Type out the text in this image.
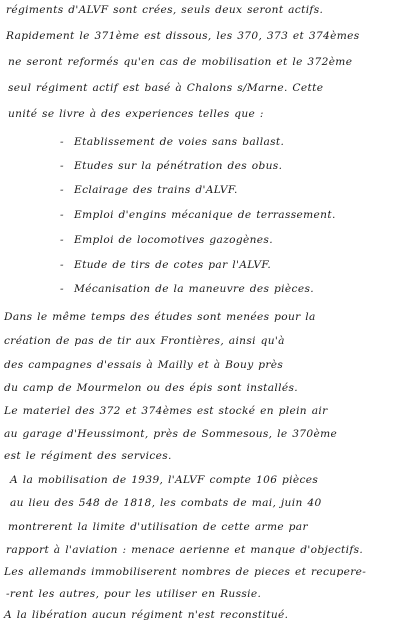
régiments d'ALVF sont crées, seuls deux seront actifs.
Rapidement le 371ème est dissous, les 370, 373 et 374èmes
ne seront reformés qu'en cas de mobilisation et le 372ème
seul régiment actif est basé à Chalons s/Marne. Cette
unité se livre à des experiences telles que :
- Etablissement de voies sans ballast.
- Etudes sur la pénétration des obus.
- Eclairage des trains d'ALVF.
- Emploi d'engins mécanique de terrassement.
- Emploi de locomotives gazogènes.
- Etude de tirs de cotes par l'ALVF.
- Mécanisation de la maneuvre des pièces.
Dans le même temps des études sont menées pour la
création de pas de tir aux Frontières, ainsi qu'à
des campagnes d'essais à Mailly et à Bouy près
du camp de Mourmelon ou des épis sont installés.
Le materiel des 372 et 374èmes est stocké en plein air
au garage d'Heussimont, près de Sommesous, le 370ème
est le régiment des services.
A la mobilisation de 1939, l'ALVF compte 106 pièces
au lieu des 548 de 1818, les combats de mai, juin 40
montrerent la limite d'utilisation de cette arme par
rapport à l'aviation : menace aerienne et manque d'objectifs.
Les allemands immobiliserent nombres de pieces et recupere-
-rent les autres, pour les utiliser en Russie.
A la libération aucun régiment n'est reconstitué.
